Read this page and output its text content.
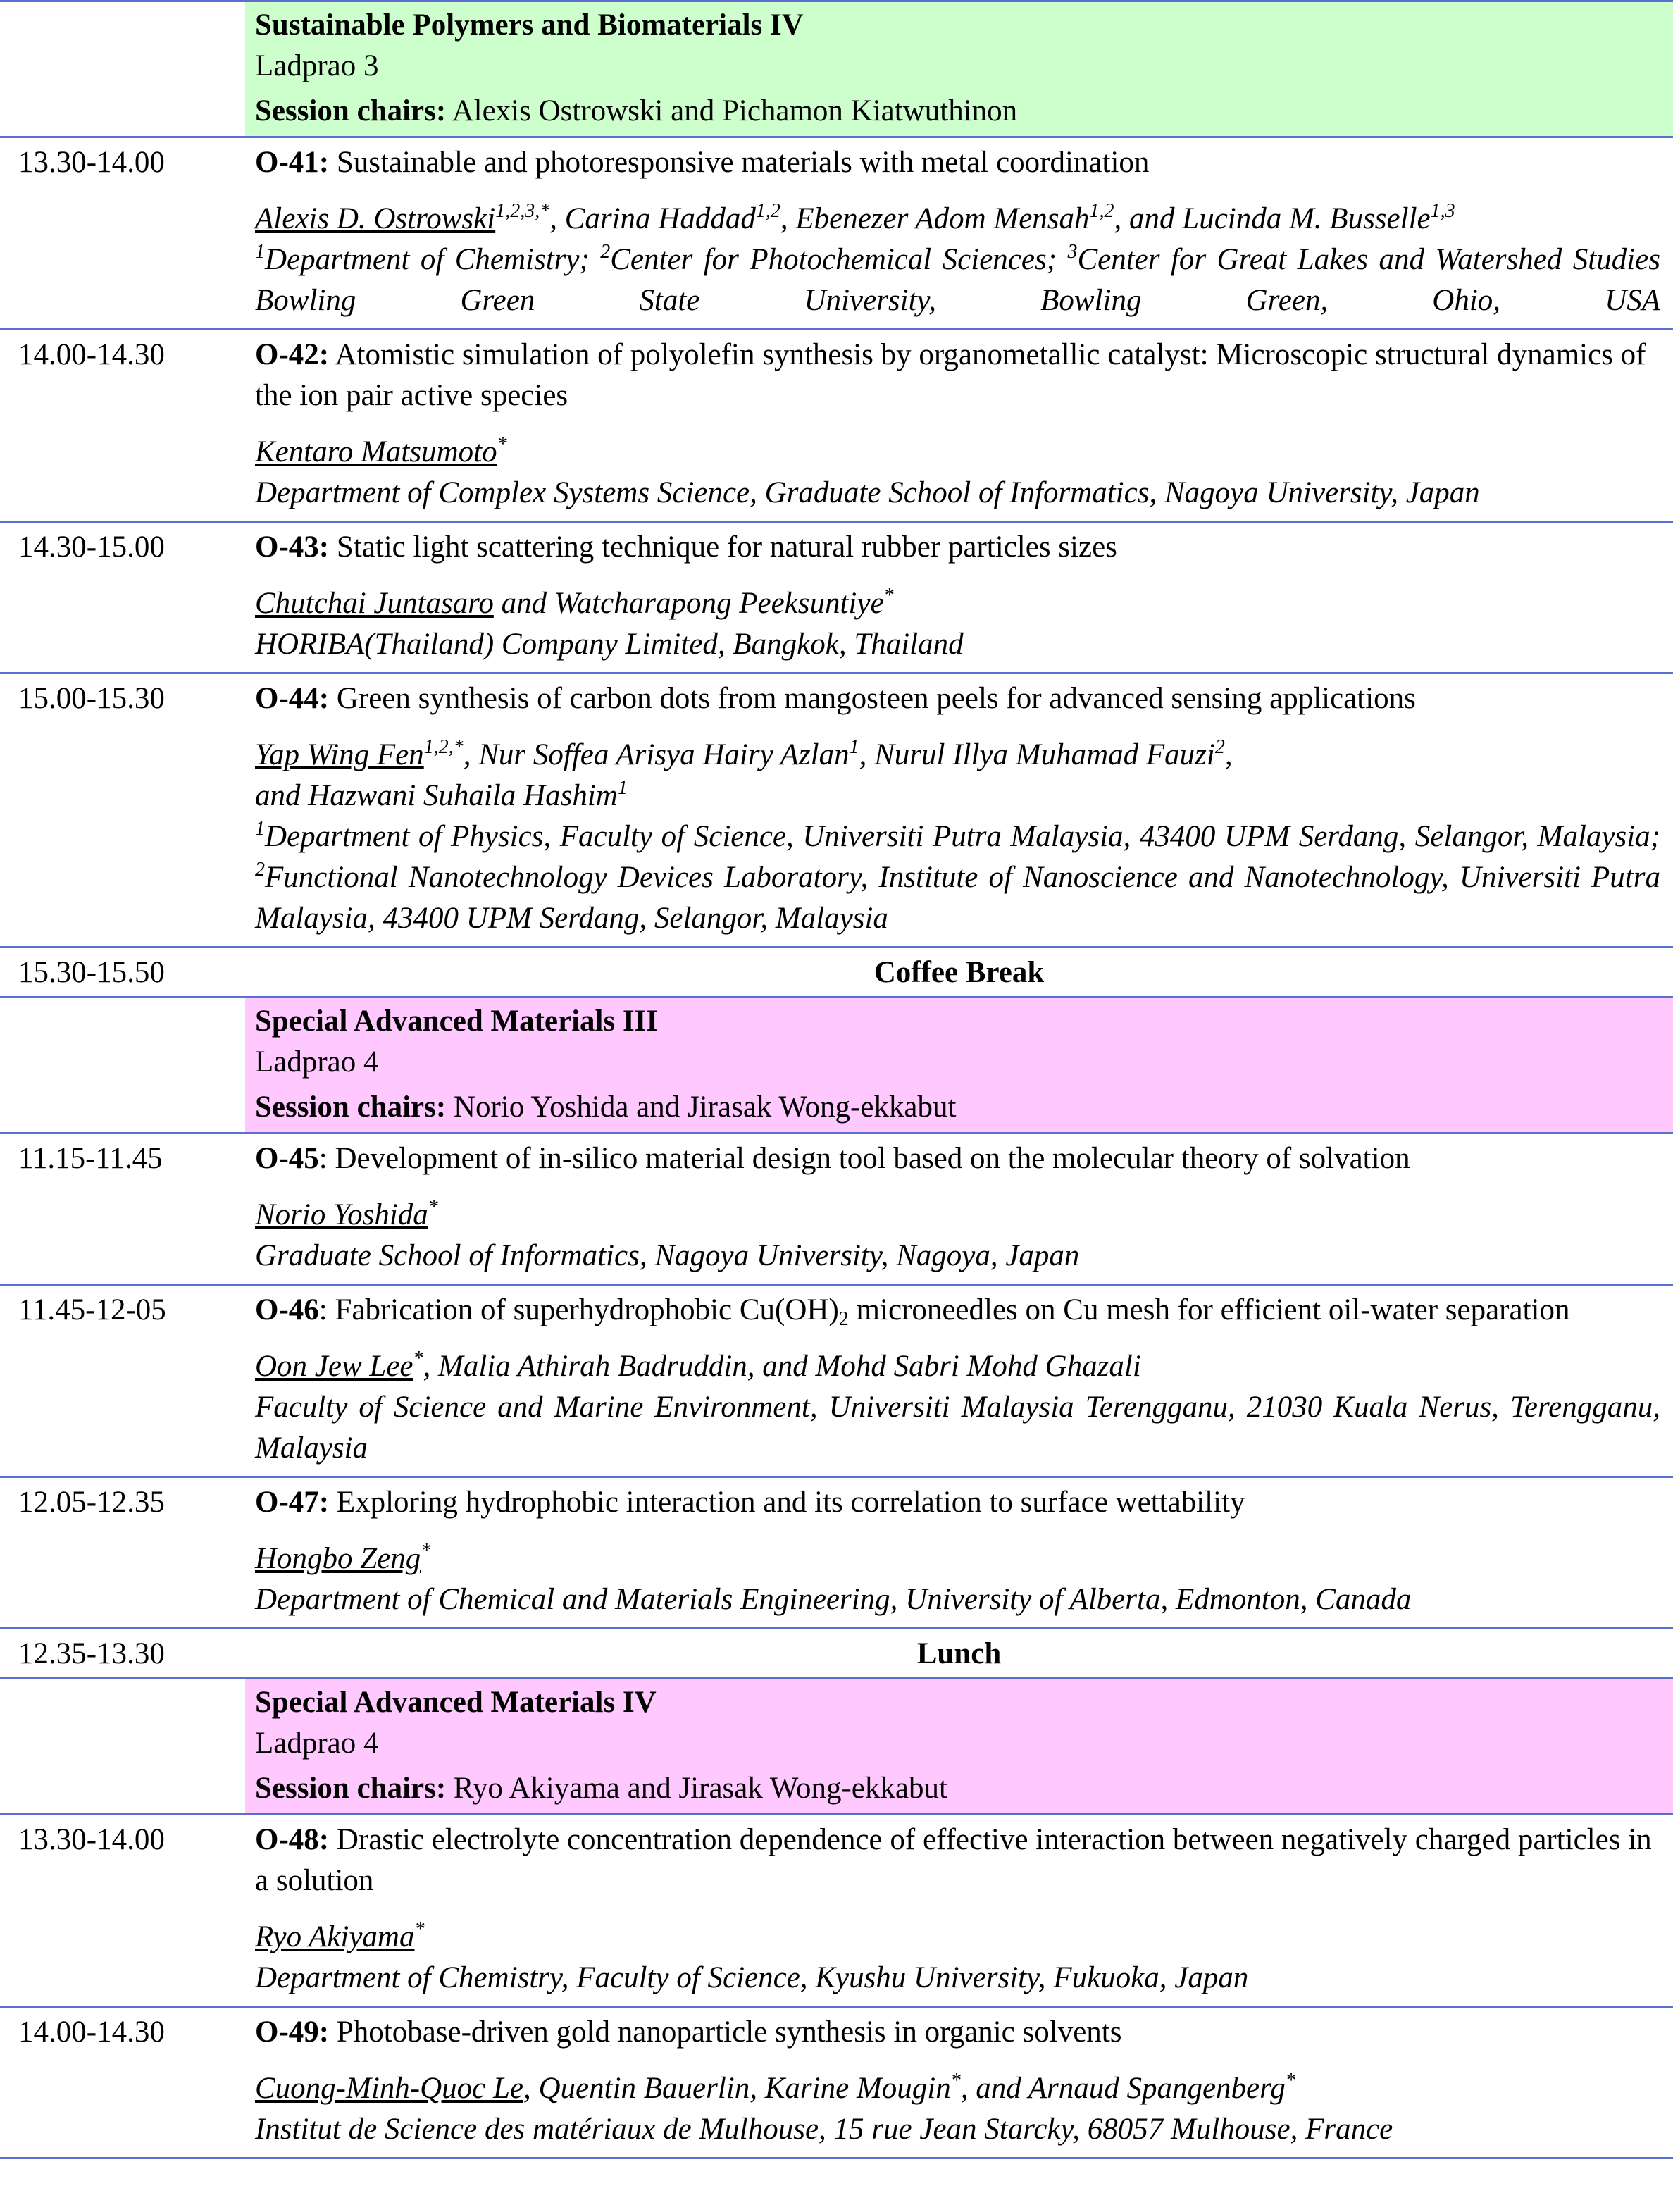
	Sustainable Polymers and Biomaterials IV

Ladprao 3

Session chairs: Alexis Ostrowski and Pichamon Kiatwuthinon

13.30-14.00	O-41: Sustainable and photoresponsive materials with metal coordination

Alexis D. Ostrowski$^{1,2,3,*}$, Carina Haddad$^{1,2}$, Ebenezer Adom Mensah$^{1,2}$, and Lucinda M. Busselle$^{1,3}$

$^1$Department of Chemistry; $^2$Center for Photochemical Sciences; $^3$Center for Great Lakes and Watershed Studies Bowling Green State University, Bowling Green, Ohio, USA

14.00-14.30	O-42: Atomistic simulation of polyolefin synthesis by organometallic catalyst: Microscopic structural dynamics of the ion pair active species

Kentaro Matsumoto*

Department of Complex Systems Science, Graduate School of Informatics, Nagoya University, Japan

14.30-15.00	O-43: Static light scattering technique for natural rubber particles sizes

Chutchai Juntasaro and Watcharapong Peeksuntiye*

HORIBA(Thailand) Company Limited, Bangkok, Thailand

15.00-15.30	O-44: Green synthesis of carbon dots from mangosteen peels for advanced sensing applications

Yap Wing Fen$^{1,2,*}$, Nur Soffea Arisya Hairy Azlan$^1$, Nurul Illya Muhamad Fauzi$^2$,
and Hazwani Suhaila Hashim$^1$

$^1$Department of Physics, Faculty of Science, Universiti Putra Malaysia, 43400 UPM Serdang, Selangor, Malaysia; $^2$Functional Nanotechnology Devices Laboratory, Institute of Nanoscience and Nanotechnology, Universiti Putra Malaysia, 43400 UPM Serdang, Selangor, Malaysia

15.30-15.50	Coffee Break

	Special Advanced Materials III

Ladprao 4

Session chairs: Norio Yoshida and Jirasak Wong-ekkabut

11.15-11.45	O-45: Development of in-silico material design tool based on the molecular theory of solvation

Norio Yoshida*

Graduate School of Informatics, Nagoya University, Nagoya, Japan

11.45-12-05	O-46: Fabrication of superhydrophobic $Cu(OH)_2$ microneedles on Cu mesh for efficient oil-water separation

Oon Jew Lee*, Malia Athirah Badruddin, and Mohd Sabri Mohd Ghazali

Faculty of Science and Marine Environment, Universiti Malaysia Terengganu, 21030 Kuala Nerus, Terengganu, Malaysia

12.05-12.35	O-47: Exploring hydrophobic interaction and its correlation to surface wettability

Hongbo Zeng*

Department of Chemical and Materials Engineering, University of Alberta, Edmonton, Canada

12.35-13.30	Lunch

	Special Advanced Materials IV

Ladprao 4

Session chairs: Ryo Akiyama and Jirasak Wong-ekkabut

13.30-14.00	O-48: Drastic electrolyte concentration dependence of effective interaction between negatively charged particles in a solution

Ryo Akiyama*

Department of Chemistry, Faculty of Science, Kyushu University, Fukuoka, Japan

14.00-14.30	O-49: Photobase-driven gold nanoparticle synthesis in organic solvents

Cuong-Minh-Quoc Le, Quentin Bauerlin, Karine Mougin*, and Arnaud Spangenberg*

Institut de Science des matériaux de Mulhouse, 15 rue Jean Starcky, 68057 Mulhouse, France
